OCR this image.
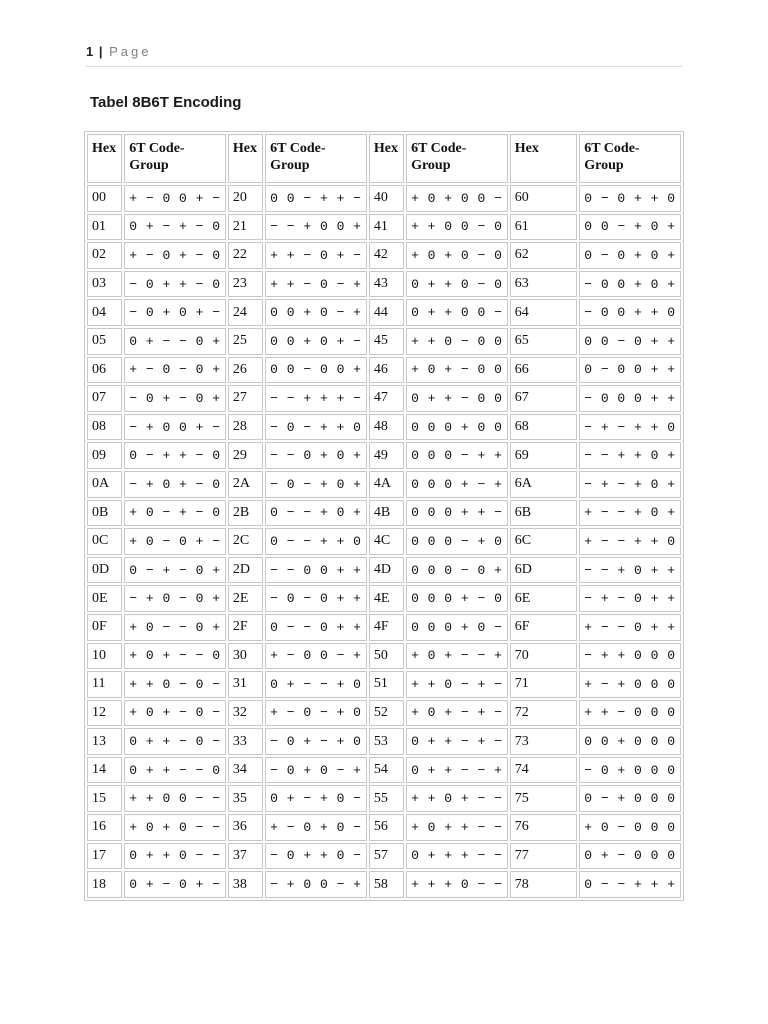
1 | Page
Tabel 8B6T Encoding
Hex	6T Code-Group	Hex	6T Code-Group	Hex	6T Code-Group	Hex	6T Code-Group
00	+ − 0 0 + −	20	0 0 − + + −	40	+ 0 + 0 0 −	60	0 − 0 + + 0
01	0 + − + − 0	21	− − + 0 0 +	41	+ + 0 0 − 0	61	0 0 − + 0 +
02	+ − 0 + − 0	22	+ + − 0 + −	42	+ 0 + 0 − 0	62	0 − 0 + 0 +
03	− 0 + + − 0	23	+ + − 0 − +	43	0 + + 0 − 0	63	− 0 0 + 0 +
04	− 0 + 0 + −	24	0 0 + 0 − +	44	0 + + 0 0 −	64	− 0 0 + + 0
05	0 + − − 0 +	25	0 0 + 0 + −	45	+ + 0 − 0 0	65	0 0 − 0 + +
06	+ − 0 − 0 +	26	0 0 − 0 0 +	46	+ 0 + − 0 0	66	0 − 0 0 + +
07	− 0 + − 0 +	27	− − + + + −	47	0 + + − 0 0	67	− 0 0 0 + +
08	− + 0 0 + −	28	− 0 − + + 0	48	0 0 0 + 0 0	68	− + − + + 0
09	0 − + + − 0	29	− − 0 + 0 +	49	0 0 0 − + +	69	− − + + 0 +
0A	− + 0 + − 0	2A	− 0 − + 0 +	4A	0 0 0 + − +	6A	− + − + 0 +
0B	+ 0 − + − 0	2B	0 − − + 0 +	4B	0 0 0 + + −	6B	+ − − + 0 +
0C	+ 0 − 0 + −	2C	0 − − + + 0	4C	0 0 0 − + 0	6C	+ − − + + 0
0D	0 − + − 0 +	2D	− − 0 0 + +	4D	0 0 0 − 0 +	6D	− − + 0 + +
0E	− + 0 − 0 +	2E	− 0 − 0 + +	4E	0 0 0 + − 0	6E	− + − 0 + +
0F	+ 0 − − 0 +	2F	0 − − 0 + +	4F	0 0 0 + 0 −	6F	+ − − 0 + +
10	+ 0 + − − 0	30	+ − 0 0 − +	50	+ 0 + − − +	70	− + + 0 0 0
11	+ + 0 − 0 −	31	0 + − − + 0	51	+ + 0 − + −	71	+ − + 0 0 0
12	+ 0 + − 0 −	32	+ − 0 − + 0	52	+ 0 + − + −	72	+ + − 0 0 0
13	0 + + − 0 −	33	− 0 + − + 0	53	0 + + − + −	73	0 0 + 0 0 0
14	0 + + − − 0	34	− 0 + 0 − +	54	0 + + − − +	74	− 0 + 0 0 0
15	+ + 0 0 − −	35	0 + − + 0 −	55	+ + 0 + − −	75	0 − + 0 0 0
16	+ 0 + 0 − −	36	+ − 0 + 0 −	56	+ 0 + + − −	76	+ 0 − 0 0 0
17	0 + + 0 − −	37	− 0 + + 0 −	57	0 + + + − −	77	0 + − 0 0 0
18	0 + − 0 + −	38	− + 0 0 − +	58	+ + + 0 − −	78	0 − − + + +
